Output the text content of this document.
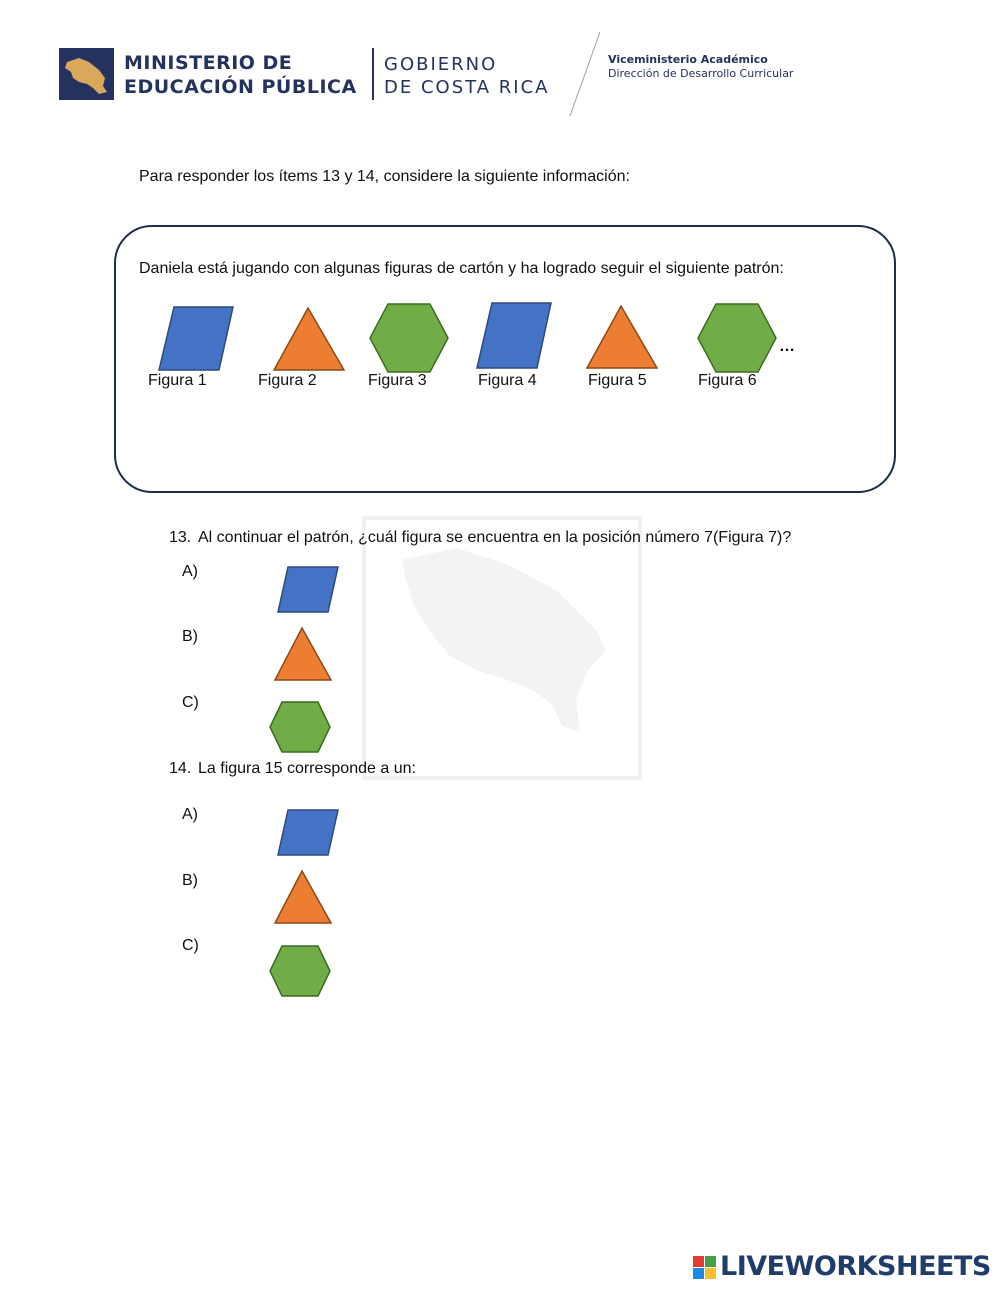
MINISTERIO DE
EDUCACIÓN PÚBLICA
GOBIERNO
DE COSTA RICA
Viceministerio Académico
Dirección de Desarrollo Curricular
Para responder los ítems 13 y 14, considere la siguiente información:
Daniela está jugando con algunas figuras de cartón y ha logrado seguir el siguiente patrón:
Figura 1	Figura 2	Figura 3	Figura 4	Figura 5	Figura 6
…
13. Al continuar el patrón, ¿cuál figura se encuentra en la posición número 7(Figura 7)?
A)
B)
C)
14. La figura 15 corresponde a un:
A)
B)
C)
LIVEWORKSHEETS
